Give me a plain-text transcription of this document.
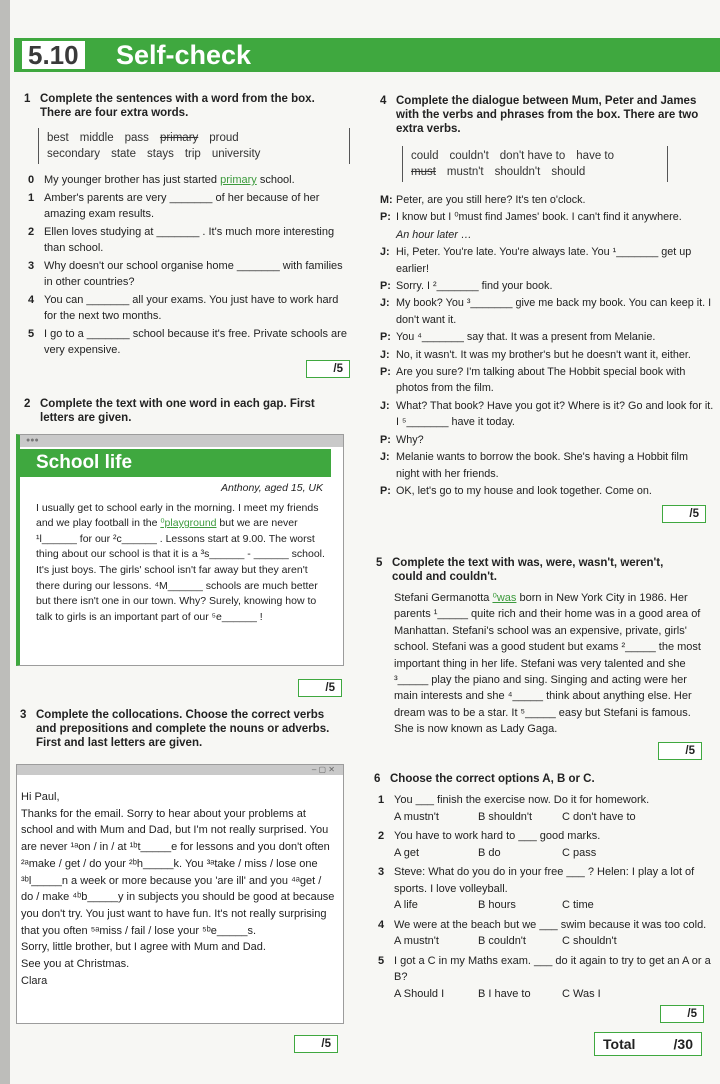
5.10 Self-check
1 Complete the sentences with a word from the box. There are four extra words.
best middle pass primary proud
secondary state stays trip university
0 My younger brother has just started primary school.
1 Amber's parents are very _______ of her because of her amazing exam results.
2 Ellen loves studying at _______ . It's much more interesting than school.
3 Why doesn't our school organise home _______ with families in other countries?
4 You can _______ all your exams. You just have to work hard for the next two months.
5 I go to a _______ school because it's free. Private schools are very expensive.
/5
2 Complete the text with one word in each gap. First letters are given.
●●●
School life
Anthony, aged 15, UK
I usually get to school early in the morning. I meet my friends and we play football in the ⁰playground but we are never ¹l______ for our ²c______ . Lessons start at 9.00. The worst thing about our school is that it is a ³s______ - ______ school. It's just boys. The girls' school isn't far away but they aren't there during our lessons. ⁴M______ schools are much better but there isn't one in our town. Why? Surely, knowing how to talk to girls is an important part of our ⁵e______ !
/5
3 Complete the collocations. Choose the correct verbs and prepositions and complete the nouns or adverbs. First and last letters are given.
– ▢ ✕
Hi Paul,
Thanks for the email. Sorry to hear about your problems at school and with Mum and Dad, but I'm not really surprised. You are never ¹ᵃon / in / at ¹ᵇt_____e for lessons and you don't often ²ᵃmake / get / do your ²ᵇh_____k. You ³ᵃtake / miss / lose one ³ᵇl_____n a week or more because you 'are ill' and you ⁴ᵃget / do / make ⁴ᵇb_____y in subjects you should be good at because you don't try. You just want to have fun. It's not really surprising that you often ⁵ᵃmiss / fail / lose your ⁵ᵇe_____s.
Sorry, little brother, but I agree with Mum and Dad.
See you at Christmas.
Clara
/5
4 Complete the dialogue between Mum, Peter and James with the verbs and phrases from the box. There are two extra verbs.
could couldn't don't have to have to
must mustn't shouldn't should
M: Peter, are you still here? It's ten o'clock.
P: I know but I ⁰must find James' book. I can't find it anywhere.
An hour later …
J: Hi, Peter. You're late. You're always late. You ¹_______ get up earlier!
P: Sorry. I ²_______ find your book.
J: My book? You ³_______ give me back my book. You can keep it. I don't want it.
P: You ⁴_______ say that. It was a present from Melanie.
J: No, it wasn't. It was my brother's but he doesn't want it, either.
P: Are you sure? I'm talking about The Hobbit special book with photos from the film.
J: What? That book? Have you got it? Where is it? Go and look for it. I ⁵_______ have it today.
P: Why?
J: Melanie wants to borrow the book. She's having a Hobbit film night with her friends.
P: OK, let's go to my house and look together. Come on.
/5
5 Complete the text with was, were, wasn't, weren't, could and couldn't.
Stefani Germanotta ⁰was born in New York City in 1986. Her parents ¹_____ quite rich and their home was in a good area of Manhattan. Stefani's school was an expensive, private, girls' school. Stefani was a good student but exams ²_____ the most important thing in her life. Stefani was very talented and she ³_____ play the piano and sing. Singing and acting were her main interests and she ⁴_____ think about anything else. Her dream was to be a star. It ⁵_____ easy but Stefani is famous. She is now known as Lady Gaga.
/5
6 Choose the correct options A, B or C.
1 You ___ finish the exercise now. Do it for homework.
A mustn't	B shouldn't	C don't have to
2 You have to work hard to ___ good marks.
A get	B do	C pass
3 Steve: What do you do in your free ___ ? Helen: I play a lot of sports. I love volleyball.
A life	B hours	C time
4 We were at the beach but we ___ swim because it was too cold.
A mustn't	B couldn't	C shouldn't
5 I got a C in my Maths exam. ___ do it again to try to get an A or a B?
A Should I	B I have to	C Was I
/5
Total	/30
